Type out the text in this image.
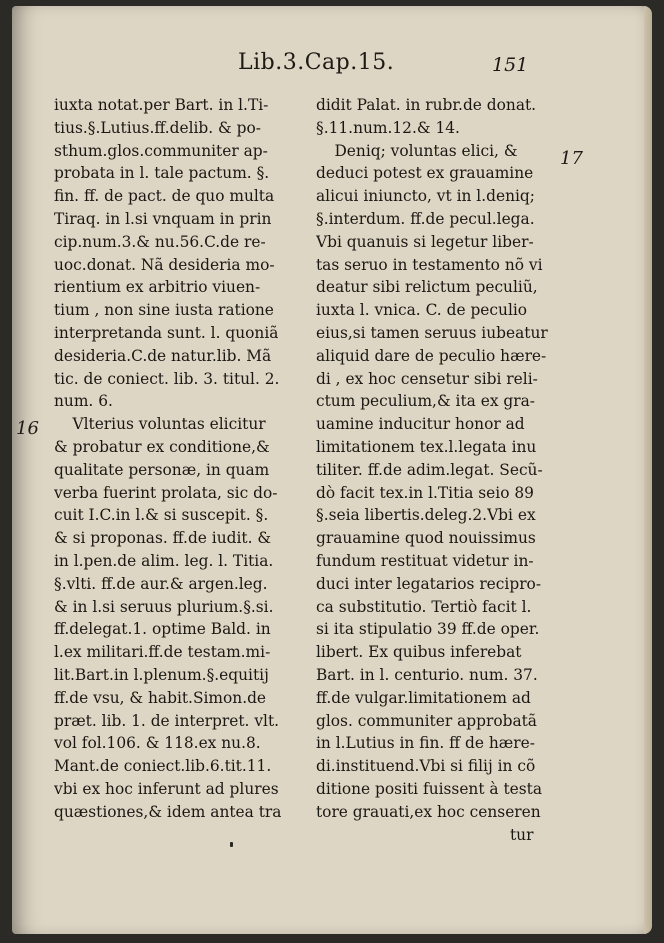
Lib.3.Cap.15.	151
16
17
iuxta notat.per Bart. in l.Ti-
tius.§.Lutius.ff.delib. & po-
sthum.glos.communiter ap-
probata in l. tale pactum. §.
fin. ff. de pact. de quo multa
Tiraq. in l.si vnquam in prin
cip.num.3.& nu.56.C.de re-
uoc.donat. Nã desideria mo-
rientium ex arbitrio viuen-
tium , non sine iusta ratione
interpretanda sunt. l. quoniã
desideria.C.de natur.lib. Mã
tic. de coniect. lib. 3. titul. 2.
num. 6.
Vlterius voluntas elicitur
& probatur ex conditione,&
qualitate personæ, in quam
verba fuerint prolata, sic do-
cuit I.C.in l.& si suscepit. §.
& si proponas. ff.de iudit. &
in l.pen.de alim. leg. l. Titia.
§.vlti. ff.de aur.& argen.leg.
& in l.si seruus plurium.§.si.
ff.delegat.1. optime Bald. in
l.ex militari.ff.de testam.mi-
lit.Bart.in l.plenum.§.equitij
ff.de vsu, & habit.Simon.de
præt. lib. 1. de interpret. vlt.
vol fol.106. & 118.ex nu.8.
Mant.de coniect.lib.6.tit.11.
vbi ex hoc inferunt ad plures
quæstiones,& idem antea tra
didit Palat. in rubr.de donat.
§.11.num.12.& 14.
Deniq; voluntas elici, &
deduci potest ex grauamine
alicui iniuncto, vt in l.deniq;
§.interdum. ff.de pecul.lega.
Vbi quanuis si legetur liber-
tas seruo in testamento nõ vi
deatur sibi relictum peculiũ,
iuxta l. vnica. C. de peculio
eius,si tamen seruus iubeatur
aliquid dare de peculio hære-
di , ex hoc censetur sibi reli-
ctum peculium,& ita ex gra-
uamine inducitur honor ad
limitationem tex.l.legata inu
tiliter. ff.de adim.legat. Secũ-
dò facit tex.in l.Titia seio 89
§.seia libertis.deleg.2.Vbi ex
grauamine quod nouissimus
fundum restituat videtur in-
duci inter legatarios recipro-
ca substitutio. Tertiò facit l.
si ita stipulatio 39 ff.de oper.
libert. Ex quibus inferebat
Bart. in l. centurio. num. 37.
ff.de vulgar.limitationem ad
glos. communiter approbatã
in l.Lutius in fin. ff de hære-
di.instituend.Vbi si filij in cõ
ditione positi fuissent à testa
tore grauati,ex hoc censeren
tur
